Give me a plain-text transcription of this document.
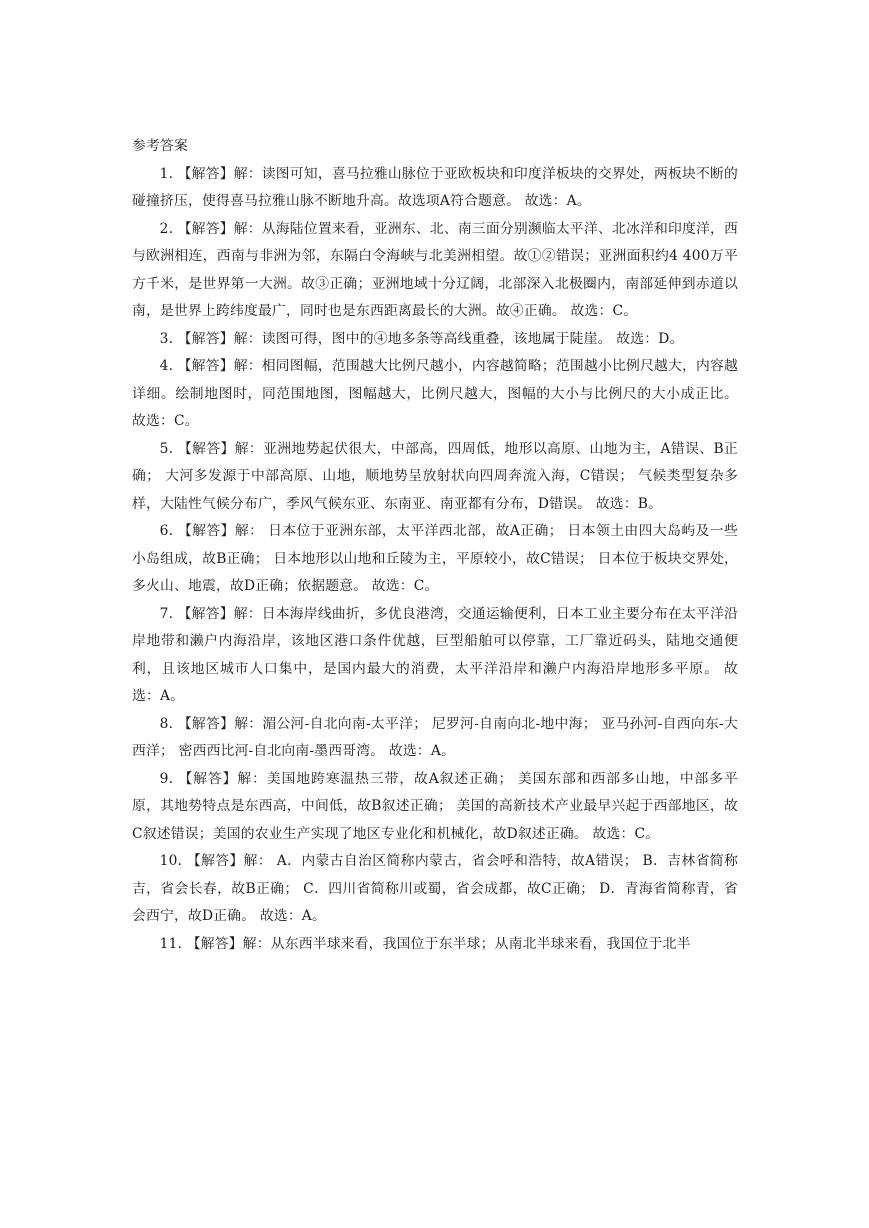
参考答案

1. 【解答】解：读图可知，喜马拉雅山脉位于亚欧板块和印度洋板块的交界处，两板块不断的碰撞挤压，使得喜马拉雅山脉不断地升高。故选项A符合题意。 故选：A。

2. 【解答】解：从海陆位置来看，亚洲东、北、南三面分别濒临太平洋、北冰洋和印度洋，西与欧洲相连，西南与非洲为邻，东隔白令海峡与北美洲相望。故①②错误；亚洲面积约4 400万平方千米，是世界第一大洲。故③正确；亚洲地域十分辽阔，北部深入北极圈内，南部延伸到赤道以南，是世界上跨纬度最广，同时也是东西距离最长的大洲。故④正确。 故选：C。

3. 【解答】解：读图可得，图中的④地多条等高线重叠，该地属于陡崖。 故选：D。

4. 【解答】解：相同图幅，范围越大比例尺越小，内容越简略；范围越小比例尺越大，内容越详细。绘制地图时，同范围地图，图幅越大，比例尺越大，图幅的大小与比例尺的大小成正比。 故选：C。

5. 【解答】解：亚洲地势起伏很大，中部高，四周低，地形以高原、山地为主，A错误、B正确； 大河多发源于中部高原、山地，顺地势呈放射状向四周奔流入海，C错误； 气候类型复杂多样，大陆性气候分布广，季风气候东亚、东南亚、南亚都有分布，D错误。 故选：B。

6. 【解答】解： 日本位于亚洲东部，太平洋西北部，故A正确； 日本领土由四大岛屿及一些小岛组成，故B正确； 日本地形以山地和丘陵为主，平原较小，故C错误； 日本位于板块交界处，多火山、地震，故D正确；依据题意。 故选：C。

7. 【解答】解：日本海岸线曲折，多优良港湾，交通运输便利，日本工业主要分布在太平洋沿岸地带和濑户内海沿岸，该地区港口条件优越，巨型船舶可以停靠，工厂靠近码头，陆地交通便利，且该地区城市人口集中，是国内最大的消费，太平洋沿岸和濑户内海沿岸地形多平原。 故选：A。

8. 【解答】解：湄公河-自北向南-太平洋； 尼罗河-自南向北-地中海； 亚马孙河-自西向东-大西洋； 密西西比河-自北向南-墨西哥湾。 故选：A。

9. 【解答】解：美国地跨寒温热三带，故A叙述正确； 美国东部和西部多山地，中部多平原，其地势特点是东西高，中间低，故B叙述正确； 美国的高新技术产业最早兴起于西部地区，故C叙述错误；美国的农业生产实现了地区专业化和机械化，故D叙述正确。 故选：C。

10. 【解答】解： A．内蒙古自治区简称内蒙古，省会呼和浩特，故A错误； B．吉林省简称吉，省会长春，故B正确； C．四川省简称川或蜀，省会成都，故C正确； D．青海省简称青，省会西宁，故D正确。 故选：A。

11. 【解答】解：从东西半球来看，我国位于东半球；从南北半球来看，我国位于北半
